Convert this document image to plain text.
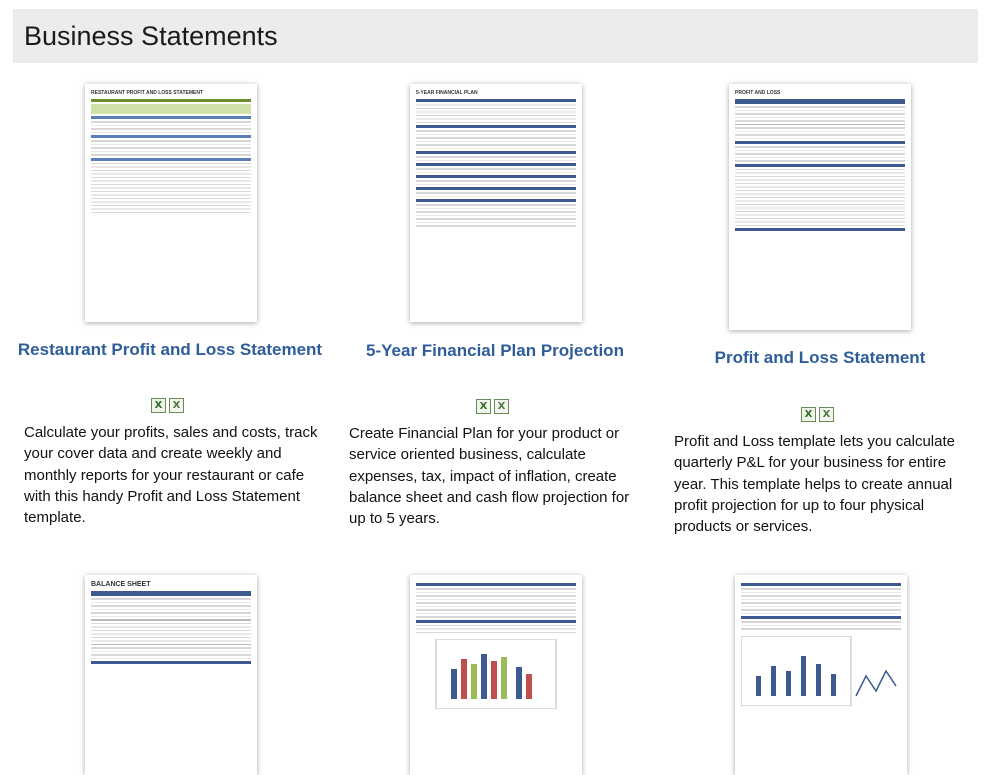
Business Statements
RESTAURANT PROFIT AND LOSS STATEMENT
Restaurant Profit and Loss Statement
X	X

Calculate your profits, sales and costs, track your cover data and create weekly and monthly reports for your restaurant or cafe with this handy Profit and Loss Statement template.

5-YEAR FINANCIAL PLAN
5-Year Financial Plan Projection
X	X

Create Financial Plan for your product or service oriented business, calculate expenses, tax, impact of inflation, create balance sheet and cash flow projection for up to 5 years.

PROFIT AND LOSS
Profit and Loss Statement
X	X

Profit and Loss template lets you calculate quarterly P&L for your business for entire year. This template helps to create annual profit projection for up to four physical products or services.

BALANCE SHEET
